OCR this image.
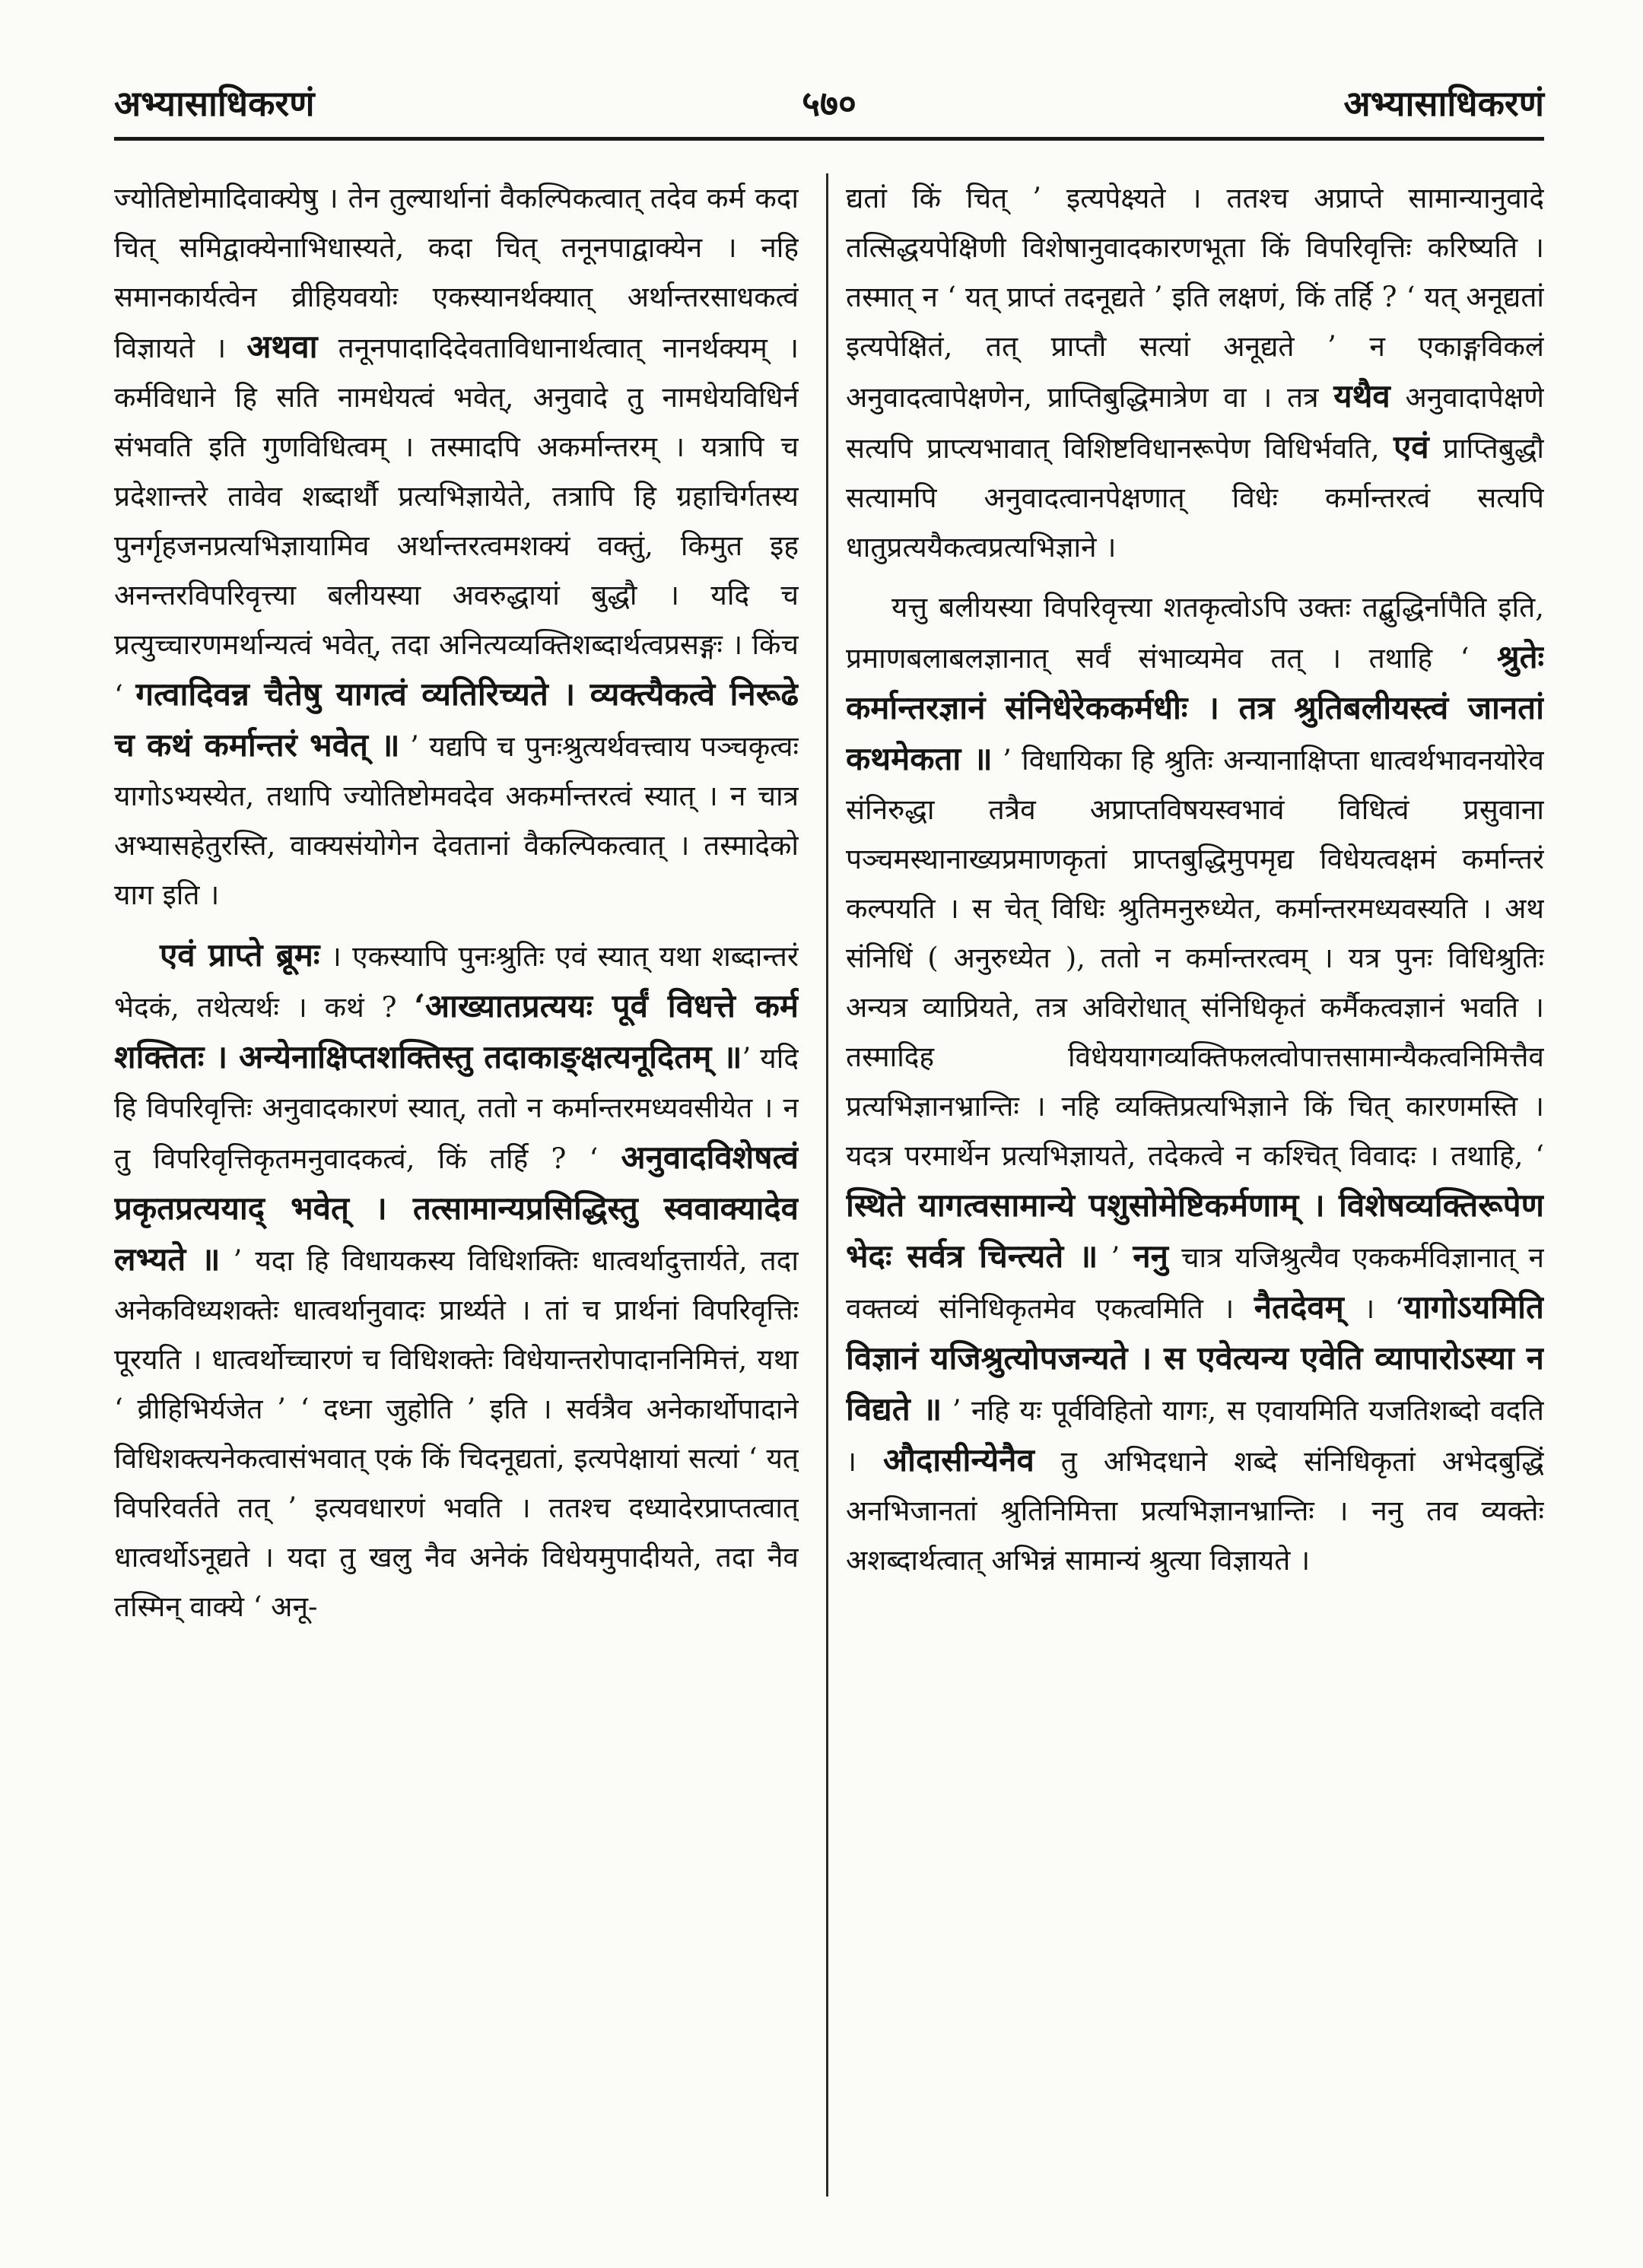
अभ्यासाधिकरणं	५७०	अभ्यासाधिकरणं

ज्योतिष्टोमादिवाक्येषु । तेन तुल्यार्थानां वैकल्पिकत्वात् तदेव कर्म कदा चित् समिद्वाक्येनाभिधास्यते, कदा चित् तनूनपाद्वाक्येन । नहि समानकार्यत्वेन व्रीहियवयोः एकस्यानर्थक्यात् अर्थान्तरसाधकत्वं विज्ञायते । अथवा तनूनपादादिदेवताविधानार्थत्वात् नानर्थक्यम् । कर्मविधाने हि सति नामधेयत्वं भवेत्, अनुवादे तु नामधेयविधिर्न संभवति इति गुणविधित्वम् । तस्मादपि अकर्मान्तरम् । यत्रापि च प्रदेशान्तरे तावेव शब्दार्थौ प्रत्यभिज्ञायेते, तत्रापि हि ग्रहाचिर्गतस्य पुनर्गृहजनप्रत्यभिज्ञायामिव अर्थान्तरत्वमशक्यं वक्तुं, किमुत इह अनन्तरविपरिवृत्त्या बलीयस्या अवरुद्धायां बुद्धौ । यदि च प्रत्युच्चारणमर्थान्यत्वं भवेत्, तदा अनित्यव्यक्तिशब्दार्थत्वप्रसङ्गः । किंच ‘ गत्वादिवन्न चैतेषु यागत्वं व्यतिरिच्यते । व्यक्त्यैकत्वे निरूढे च कथं कर्मान्तरं भवेत् ॥ ’ यद्यपि च पुनःश्रुत्यर्थवत्त्वाय पञ्चकृत्वः यागोऽभ्यस्येत, तथापि ज्योतिष्टोमवदेव अकर्मान्तरत्वं स्यात् । न चात्र अभ्यासहेतुरस्ति, वाक्यसंयोगेन देवतानां वैकल्पिकत्वात् । तस्मादेको याग इति ।

एवं प्राप्ते ब्रूमः । एकस्यापि पुनःश्रुतिः एवं स्यात् यथा शब्दान्तरं भेदकं, तथेत्यर्थः । कथं ? ‘आख्यातप्रत्ययः पूर्वं विधत्ते कर्म शक्तितः । अन्येनाक्षिप्तशक्तिस्तु तदाकाङ्क्षत्यनूदितम् ॥’ यदि हि विपरिवृत्तिः अनुवादकारणं स्यात्, ततो न कर्मान्तरमध्यवसीयेत । न तु विपरिवृत्तिकृतमनुवादकत्वं, किं तर्हि ? ‘ अनुवादविशेषत्वं प्रकृतप्रत्ययाद् भवेत् । तत्सामान्यप्रसिद्धिस्तु स्ववाक्यादेव लभ्यते ॥ ’ यदा हि विधायकस्य विधिशक्तिः धात्वर्थादुत्तार्यते, तदा अनेकविध्यशक्तेः धात्वर्थानुवादः प्रार्थ्यते । तां च प्रार्थनां विपरिवृत्तिः पूरयति । धात्वर्थोच्चारणं च विधिशक्तेः विधेयान्तरोपादाननिमित्तं, यथा ‘ व्रीहिभिर्यजेत ’ ‘ दध्ना जुहोति ’ इति । सर्वत्रैव अनेकार्थोपादाने विधिशक्त्यनेकत्वासंभवात् एकं किं चिदनूद्यतां, इत्यपेक्षायां सत्यां ‘ यत् विपरिवर्तते तत् ’ इत्यवधारणं भवति । ततश्च दध्यादेरप्राप्तत्वात् धात्वर्थोऽनूद्यते । यदा तु खलु नैव अनेकं विधेयमुपादीयते, तदा नैव तस्मिन् वाक्ये ‘ अनू-

द्यतां किं चित् ’ इत्यपेक्ष्यते । ततश्च अप्राप्ते सामान्यानुवादे तत्सिद्धयपेक्षिणी विशेषानुवादकारणभूता किं विपरिवृत्तिः करिष्यति । तस्मात् न ‘ यत् प्राप्तं तदनूद्यते ’ इति लक्षणं, किं तर्हि ? ‘ यत् अनूद्यतां इत्यपेक्षितं, तत् प्राप्तौ सत्यां अनूद्यते ’ न एकाङ्गविकलं अनुवादत्वापेक्षणेन, प्राप्तिबुद्धिमात्रेण वा । तत्र यथैव अनुवादापेक्षणे सत्यपि प्राप्त्यभावात् विशिष्टविधानरूपेण विधिर्भवति, एवं प्राप्तिबुद्धौ सत्यामपि अनुवादत्वानपेक्षणात् विधेः कर्मान्तरत्वं सत्यपि धातुप्रत्ययैकत्वप्रत्यभिज्ञाने ।

यत्तु बलीयस्या विपरिवृत्त्या शतकृत्वोऽपि उक्तः तद्बुद्धिर्नापैति इति, प्रमाणबलाबलज्ञानात् सर्वं संभाव्यमेव तत् । तथाहि ‘ श्रुतेः कर्मान्तरज्ञानं संनिधेरेककर्मधीः । तत्र श्रुतिबलीयस्त्वं जानतां कथमेकता ॥ ’ विधायिका हि श्रुतिः अन्यानाक्षिप्ता धात्वर्थभावनयोरेव संनिरुद्धा तत्रैव अप्राप्तविषयस्वभावं विधित्वं प्रसुवाना पञ्चमस्थानाख्यप्रमाणकृतां प्राप्तबुद्धिमुपमृद्य विधेयत्वक्षमं कर्मान्तरं कल्पयति । स चेत् विधिः श्रुतिमनुरुध्येत, कर्मान्तरमध्यवस्यति । अथ संनिधिं ( अनुरुध्येत ), ततो न कर्मान्तरत्वम् । यत्र पुनः विधिश्रुतिः अन्यत्र व्याप्रियते, तत्र अविरोधात् संनिधिकृतं कर्मैकत्वज्ञानं भवति । तस्मादिह विधेययागव्यक्तिफलत्वोपात्तसामान्यैकत्वनिमित्तैव प्रत्यभिज्ञानभ्रान्तिः । नहि व्यक्तिप्रत्यभिज्ञाने किं चित् कारणमस्ति । यदत्र परमार्थेन प्रत्यभिज्ञायते, तदेकत्वे न कश्चित् विवादः । तथाहि, ‘ स्थिते यागत्वसामान्ये पशुसोमेष्टिकर्मणाम् । विशेषव्यक्तिरूपेण भेदः सर्वत्र चिन्त्यते ॥ ’ ननु चात्र यजिश्रुत्यैव एककर्मविज्ञानात् न वक्तव्यं संनिधिकृतमेव एकत्वमिति । नैतदेवम् । ‘यागोऽयमिति विज्ञानं यजिश्रुत्योपजन्यते । स एवेत्यन्य एवेति व्यापारोऽस्या न विद्यते ॥ ’ नहि यः पूर्वविहितो यागः, स एवायमिति यजतिशब्दो वदति । औदासीन्येनैव तु अभिदधाने शब्दे संनिधिकृतां अभेदबुद्धिं अनभिजानतां श्रुतिनिमित्ता प्रत्यभिज्ञानभ्रान्तिः । ननु तव व्यक्तेः अशब्दार्थत्वात् अभिन्नं सामान्यं श्रुत्या विज्ञायते ।
